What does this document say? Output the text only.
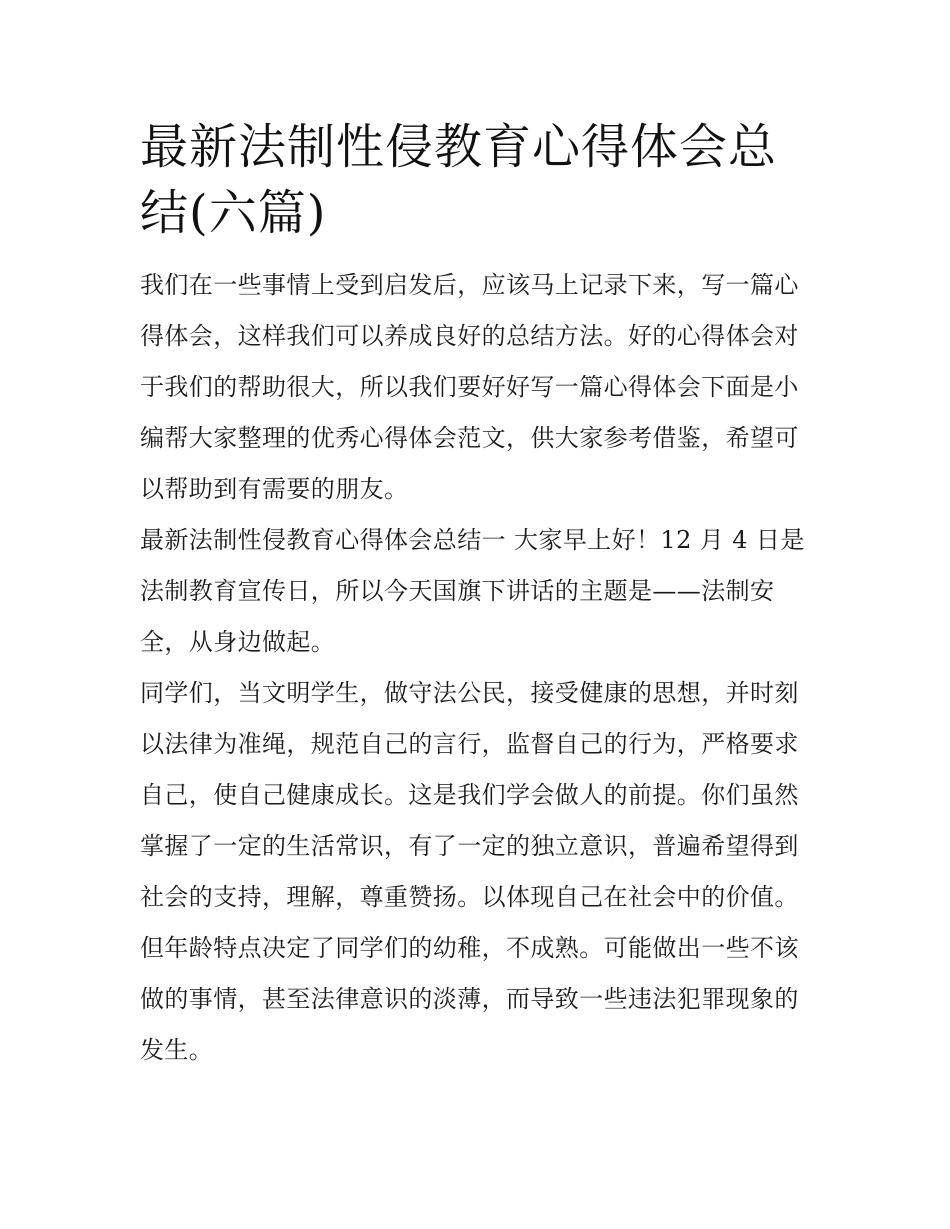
最新法制性侵教育心得体会总
结(六篇)
我们在一些事情上受到启发后，应该马上记录下来，写一篇心
得体会，这样我们可以养成良好的总结方法。好的心得体会对
于我们的帮助很大，所以我们要好好写一篇心得体会下面是小
编帮大家整理的优秀心得体会范文，供大家参考借鉴，希望可
以帮助到有需要的朋友。
最新法制性侵教育心得体会总结一 大家早上好！12 月 4 日是
法制教育宣传日，所以今天国旗下讲话的主题是——法制安
全，从身边做起。
同学们，当文明学生，做守法公民，接受健康的思想，并时刻
以法律为准绳，规范自己的言行，监督自己的行为，严格要求
自己，使自己健康成长。这是我们学会做人的前提。你们虽然
掌握了一定的生活常识，有了一定的独立意识，普遍希望得到
社会的支持，理解，尊重赞扬。以体现自己在社会中的价值。
但年龄特点决定了同学们的幼稚，不成熟。可能做出一些不该
做的事情，甚至法律意识的淡薄，而导致一些违法犯罪现象的
发生。
